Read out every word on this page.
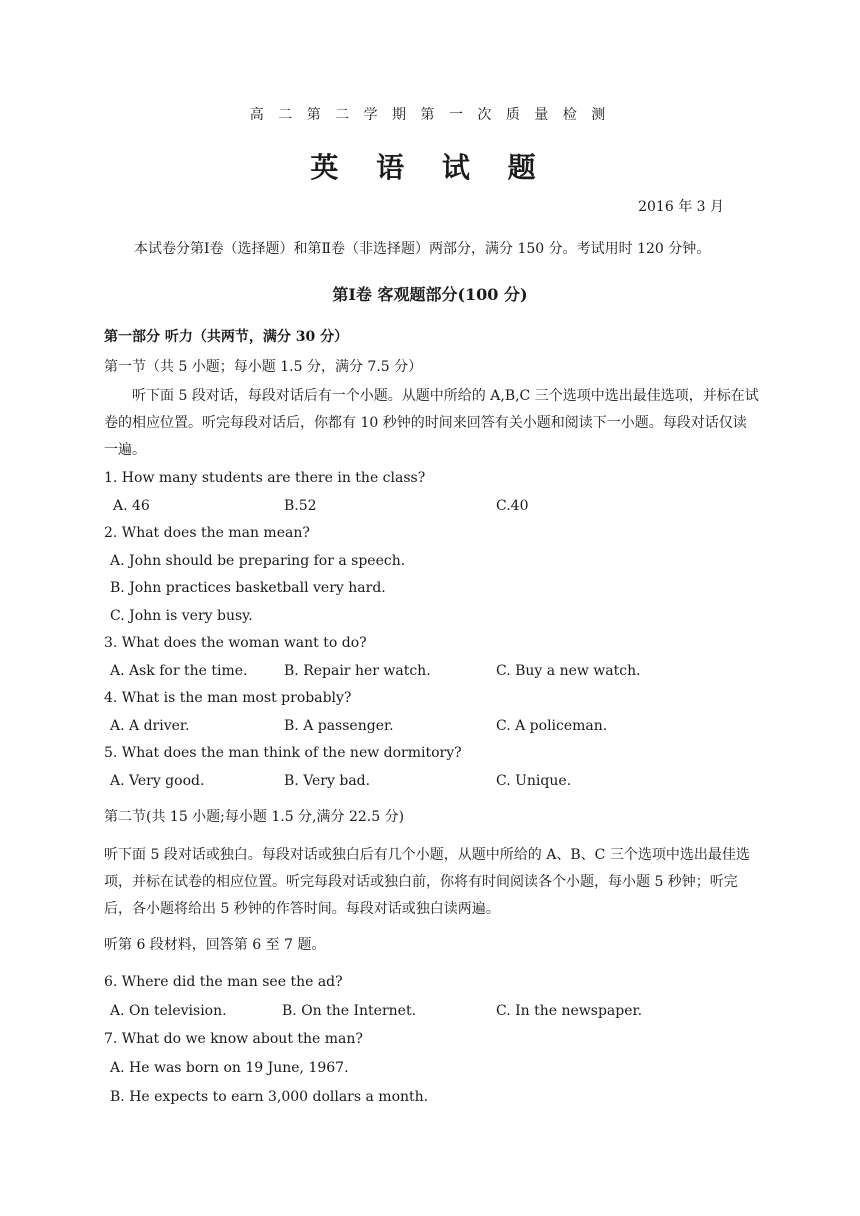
高 二 第 二 学 期 第 一 次 质 量 检 测
英 语 试 题
2016 年 3 月
本试卷分第Ⅰ卷（选择题）和第Ⅱ卷（非选择题）两部分，满分 150 分。考试用时 120 分钟。
第Ⅰ卷 客观题部分(100 分)
第一部分 听力（共两节，满分 30 分）
第一节（共 5 小题；每小题 1.5 分，满分 7.5 分）
听下面 5 段对话，每段对话后有一个小题。从题中所给的 A,B,C 三个选项中选出最佳选项，并标在试卷的相应位置。听完每段对话后，你都有 10 秒钟的时间来回答有关小题和阅读下一小题。每段对话仅读一遍。
1. How many students are there in the class?
A. 46	B.52	C.40
2. What does the man mean?
A. John should be preparing for a speech.
B. John practices basketball very hard.
C. John is very busy.
3. What does the woman want to do?
A. Ask for the time.	B. Repair her watch.	C. Buy a new watch.
4. What is the man most probably?
A. A driver.	B. A passenger.	C. A policeman.
5. What does the man think of the new dormitory?
A. Very good.	B. Very bad.	C. Unique.
第二节(共 15 小题;每小题 1.5 分,满分 22.5 分)
听下面 5 段对话或独白。每段对话或独白后有几个小题，从题中所给的 A、B、C 三个选项中选出最佳选项，并标在试卷的相应位置。听完每段对话或独白前，你将有时间阅读各个小题，每小题 5 秒钟；听完后，各小题将给出 5 秒钟的作答时间。每段对话或独白读两遍。
听第 6 段材料，回答第 6 至 7 题。
6. Where did the man see the ad?
A. On television.	B. On the Internet.	C. In the newspaper.
7. What do we know about the man?
A. He was born on 19 June, 1967.
B. He expects to earn 3,000 dollars a month.
